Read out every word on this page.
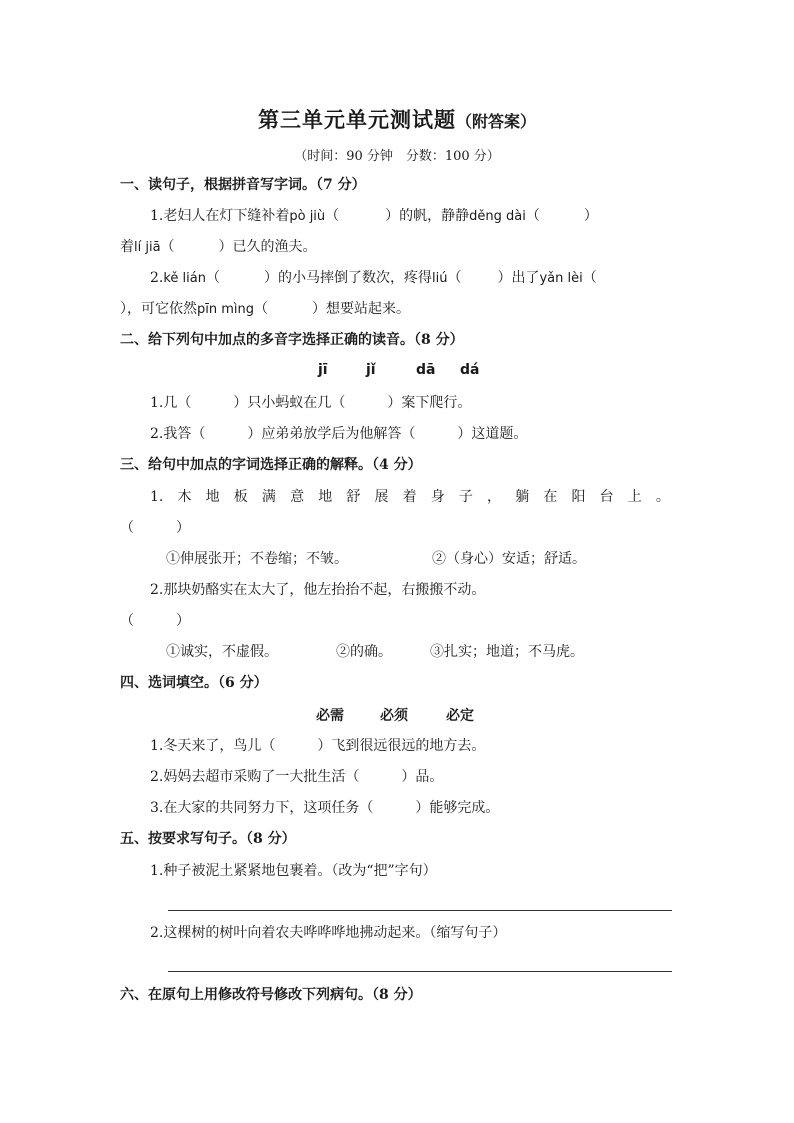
第三单元单元测试题（附答案）
（时间：90 分钟　分数：100 分）
一、读句子，根据拼音写字词。（7 分）
1.老妇人在灯下缝补着pò jiù（	）的帆，静静děng dài（	）
着lí jiā（	）已久的渔夫。
2.kě lián（	）的小马摔倒了数次，疼得liú（	）出了yǎn lèi（
），可它依然pīn mìng（	）想要站起来。
二、给下列句中加点的多音字选择正确的读音。（8 分）
jī	jǐ	dā dá
1.几（　　　）只小蚂蚁在几（　　　）案下爬行。
2.我答（　　　）应弟弟放学后为他解答（　　　）这道题。
三、给句中加点的字词选择正确的解释。（4 分）
1. 木 地 板 满 意 地 舒 展 着 身 子 ， 躺 在 阳 台 上 。
（　　　）
①伸展张开；不卷缩；不皱。	②（身心）安适；舒适。
2.那块奶酪实在太大了，他左抬抬不起，右搬搬不动。
（　　　）
①诚实，不虚假。	②的确。	③扎实；地道；不马虎。
四、选词填空。（6 分）
必需	必须	必定
1.冬天来了，鸟儿（　　　）飞到很远很远的地方去。
2.妈妈去超市采购了一大批生活（　　　）品。
3.在大家的共同努力下，这项任务（　　　）能够完成。
五、按要求写句子。（8 分）
1.种子被泥土紧紧地包裹着。（改为“把”字句）
2.这棵树的树叶向着农夫哗哗哗地拂动起来。（缩写句子）
六、在原句上用修改符号修改下列病句。（8 分）
